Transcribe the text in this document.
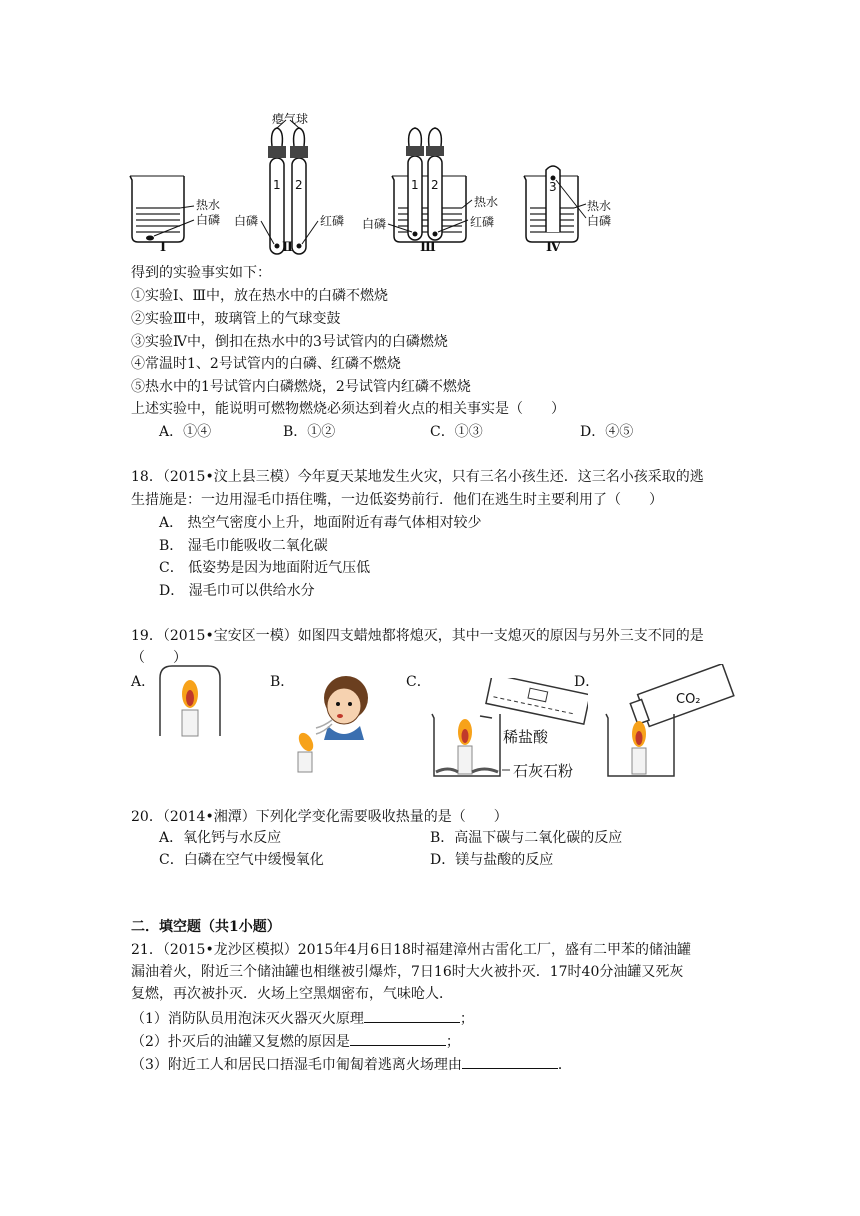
瘪气球
热水
白磷
1 2
白磷	红磷
1 2
热水
白磷	红磷
3
热水
白磷
Ⅰ	Ⅱ	Ⅲ	Ⅳ
得到的实验事实如下：
①实验Ⅰ、Ⅲ中，放在热水中的白磷不燃烧
②实验Ⅲ中，玻璃管上的气球变鼓
③实验Ⅳ中，倒扣在热水中的3号试管内的白磷燃烧
④常温时1、2号试管内的白磷、红磷不燃烧
⑤热水中的1号试管内白磷燃烧，2号试管内红磷不燃烧
上述实验中，能说明可燃物燃烧必须达到着火点的相关事实是（　　）
A．①④	B．①②	C．①③	D．④⑤
18．（2015•汶上县三模）今年夏天某地发生火灾，只有三名小孩生还．这三名小孩采取的逃
生措施是：一边用湿毛巾捂住嘴，一边低姿势前行．他们在逃生时主要利用了（　　）
A． 热空气密度小上升，地面附近有毒气体相对较少
B． 湿毛巾能吸收二氧化碳
C． 低姿势是因为地面附近气压低
D． 湿毛巾可以供给水分
19．（2015•宝安区一模）如图四支蜡烛都将熄灭，其中一支熄灭的原因与另外三支不同的是
（　　）
A．	B．	C．	D．
稀盐酸
石灰石粉
CO₂
20．（2014•湘潭）下列化学变化需要吸收热量的是（　　）
A．氧化钙与水反应	B．高温下碳与二氧化碳的反应
C．白磷在空气中缓慢氧化	D．镁与盐酸的反应
二．填空题（共1小题）
21．（2015•龙沙区模拟）2015年4月6日18时福建漳州古雷化工厂，盛有二甲苯的储油罐
漏油着火，附近三个储油罐也相继被引爆炸，7日16时大火被扑灭．17时40分油罐又死灰
复燃，再次被扑灭．火场上空黑烟密布，气味呛人．
（1）消防队员用泡沫灭火器灭火原理	；
（2）扑灭后的油罐又复燃的原因是	；
（3）附近工人和居民口捂湿毛巾匍匐着逃离火场理由	．
